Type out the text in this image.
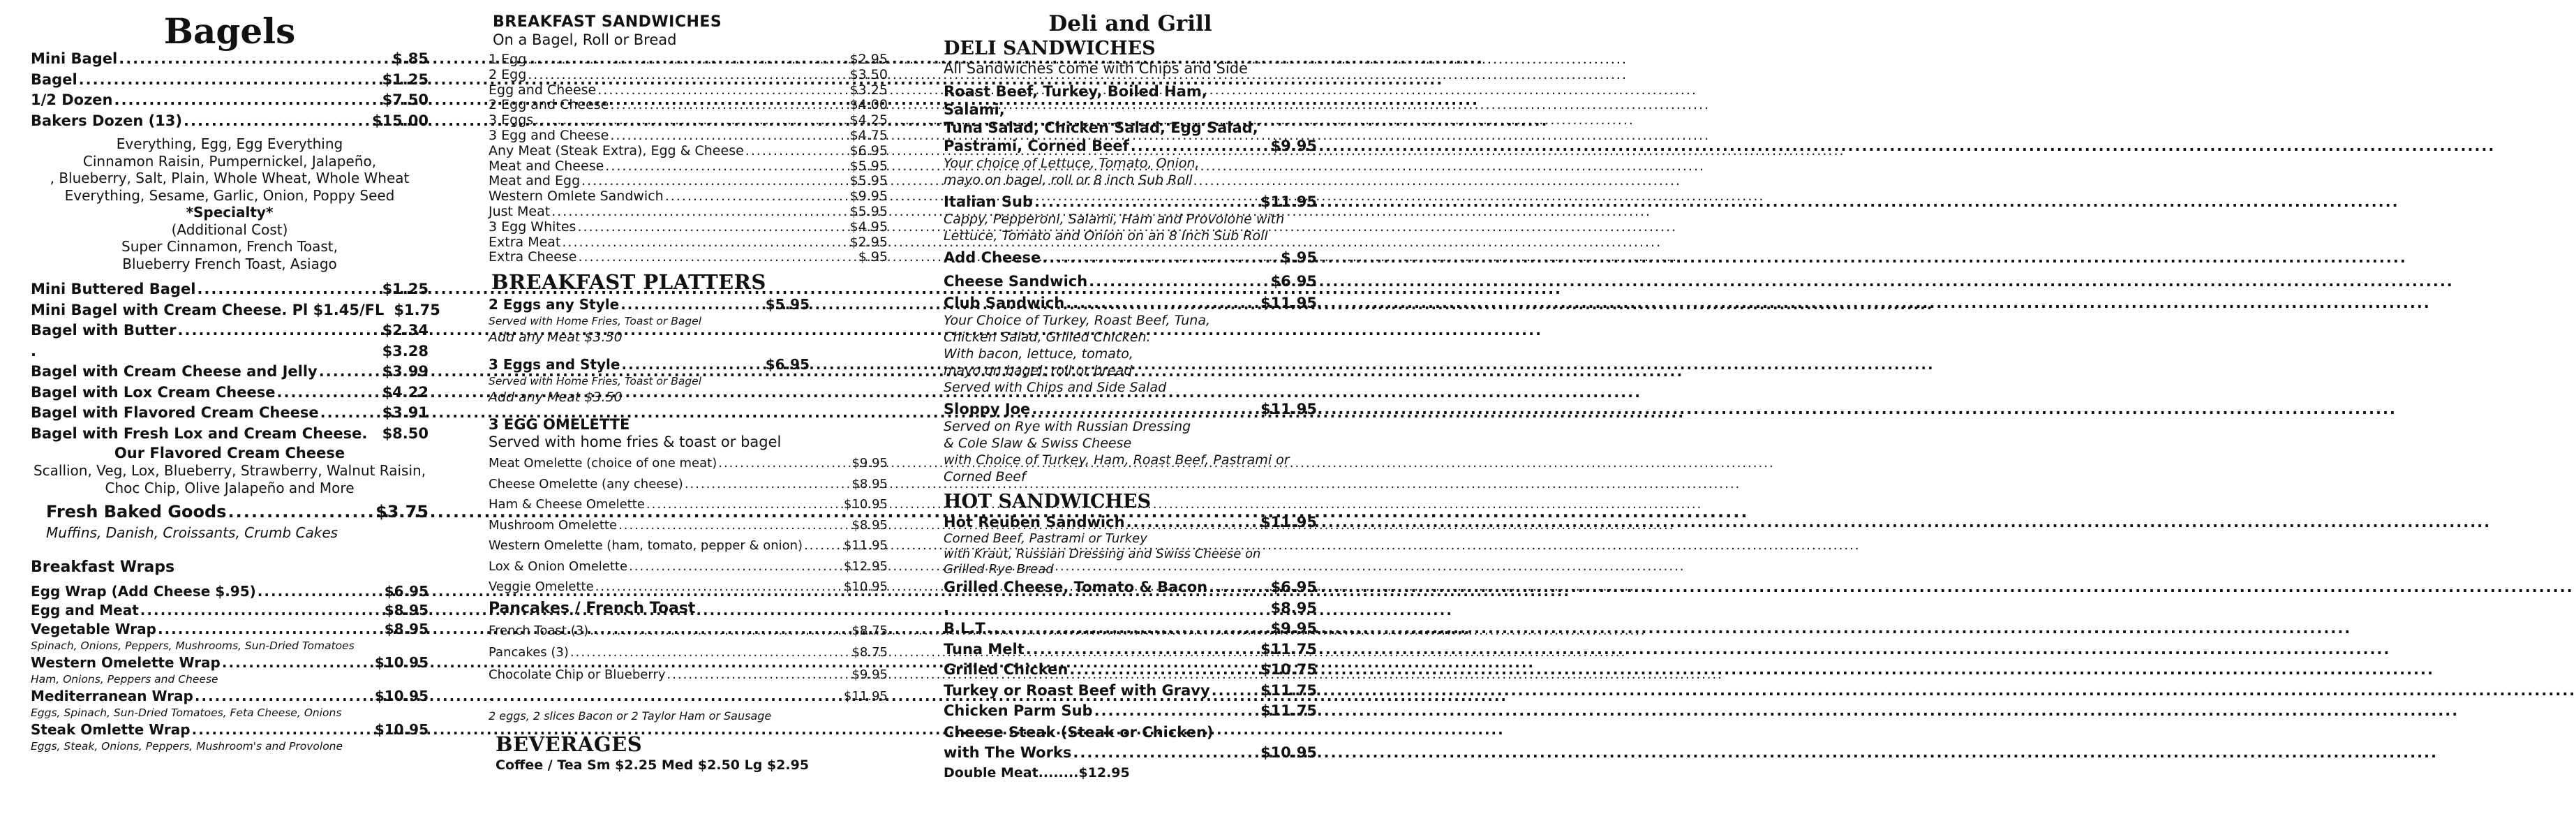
Bagels
Mini Bagel .....	$.85
Bagel .....	$1.25
1/2 Dozen .....	$7.50
Bakers Dozen (13) .....	$15.00
Everything, Egg, Egg Everything
Cinnamon Raisin, Pumpernickel, Jalapeño,
, Blueberry, Salt, Plain, Whole Wheat, Whole Wheat
Everything, Sesame, Garlic, Onion, Poppy Seed
*Specialty*
(Additional Cost)
Super Cinnamon, French Toast,
Blueberry French Toast, Asiago
Mini Buttered Bagel .....	$1.25
Mini Bagel with Cream Cheese. Pl $1.45/FL $1.75
Bagel with Butter .....	$2.34
.	$3.28
Bagel with Cream Cheese and Jelly .....	$3.99
Bagel with Lox Cream Cheese .....	$4.22
Bagel with Flavored Cream Cheese .....	$3.91
Bagel with Fresh Lox and Cream Cheese. $8.50
Our Flavored Cream Cheese
Scallion, Veg, Lox, Blueberry, Strawberry, Walnut Raisin,
Choc Chip, Olive Jalapeño and More
Fresh Baked Goods .....	$3.75
Muffins, Danish, Croissants, Crumb Cakes
Breakfast Wraps
Egg Wrap (Add Cheese $.95) .....	$6.95
Egg and Meat .....	$8.95
Vegetable Wrap .....	$8.95
Spinach, Onions, Peppers, Mushrooms, Sun-Dried Tomatoes
Western Omelette Wrap .....	$10.95
Ham, Onions, Peppers and Cheese
Mediterranean Wrap .....	$10.95
Eggs, Spinach, Sun-Dried Tomatoes, Feta Cheese, Onions
Steak Omlette Wrap .....	$10.95
Eggs, Steak, Onions, Peppers, Mushroom's and Provolone
BREAKFAST SANDWICHES
On a Bagel, Roll or Bread
1 Egg .....	$2.95
2 Egg .....	$3.50
Egg and Cheese .....	$3.25
2 Egg and Cheese .....	$4.00
3 Eggs .....	$4.25
3 Egg and Cheese .....	$4.75
Any Meat (Steak Extra), Egg & Cheese .....	$6.95
Meat and Cheese .....	$5.95
Meat and Egg .....	$5.95
Western Omlete Sandwich .....	$9.95
Just Meat .....	$5.95
3 Egg Whites .....	$4.95
Extra Meat .....	$2.95
Extra Cheese .....	$.95
BREAKFAST PLATTERS
2 Eggs any Style .....	$5.95
Served with Home Fries, Toast or Bagel
Add any Meat $3.50
3 Eggs and Style .....	$6.95
Served with Home Fries, Toast or Bagel
Add any Meat $3.50
3 EGG OMELETTE
Served with home fries & toast or bagel
Meat Omelette (choice of one meat) .....	$9.95
Cheese Omelette (any cheese) .....	$8.95
Ham & Cheese Omelette .....	$10.95
Mushroom Omelette .....	$8.95
Western Omelette (ham, tomato, pepper & onion) .....	$11.95
Lox & Onion Omelette .....	$12.95
Veggie Omelette .....	$10.95
Pancakes / French Toast
French Toast (3) .....	$8.75
Pancakes (3) .....	$8.75
Chocolate Chip or Blueberry .....	$9.95
.	$11.95
2 eggs, 2 slices Bacon or 2 Taylor Ham or Sausage
BEVERAGES
Coffee / Tea Sm $2.25 Med $2.50 Lg $2.95
Deli and Grill
DELI SANDWICHES
All Sandwiches come with Chips and Side
Roast Beef, Turkey, Boiled Ham,
Salami,
Tuna Salad, Chicken Salad, Egg Salad,
Pastrami, Corned Beef .....	$9.95
Your choice of Lettuce, Tomato, Onion,
mayo on bagel, roll or 8 inch Sub Roll
Italian Sub .....	$11.95
Cappy, Pepperoni, Salami, Ham and Provolone with
Lettuce, Tomato and Onion on an 8 Inch Sub Roll
Add Cheese .....	$.95
Cheese Sandwich .....	$6.95
Club Sandwich .....	$11.95
Your Choice of Turkey, Roast Beef, Tuna,
Chicken Salad, Grilled Chicken.
With bacon, lettuce, tomato,
mayo on bagel, roll or bread
Served with Chips and Side Salad
Sloppy Joe .....	$11.95
Served on Rye with Russian Dressing
& Cole Slaw & Swiss Cheese
with Choice of Turkey, Ham, Roast Beef, Pastrami or
Corned Beef
HOT SANDWICHES
Hot Reuben Sandwich .....	$11.95
Corned Beef, Pastrami or Turkey
with Kraut, Russian Dressing and Swiss Cheese on
Grilled Rye Bread
Grilled Cheese, Tomato & Bacon .....	$6.95
.	$8.95
B.L.T .....	$9.95
Tuna Melt .....	$11.75
Grilled Chicken .....	$10.75
Turkey or Roast Beef with Gravy .....	$11.75
Chicken Parm Sub .....	$11.75
Cheese Steak (Steak or Chicken)
with The Works .....	$10.95
Double Meat........$12.95
